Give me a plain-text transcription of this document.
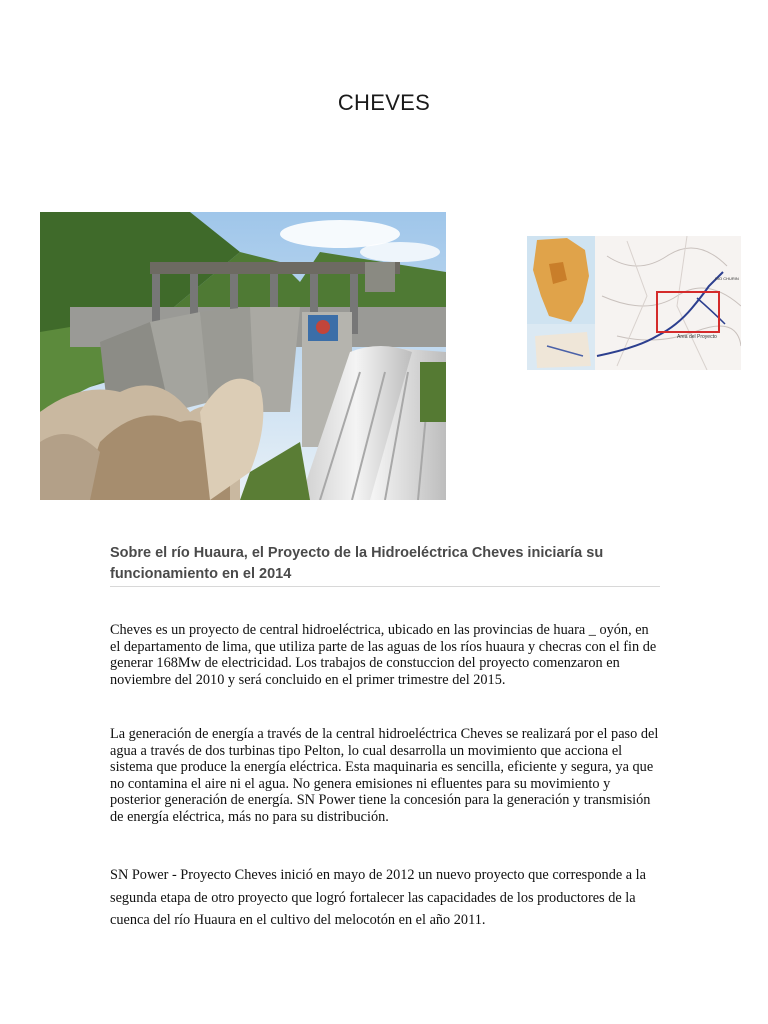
CHEVES
Area del Proyecto
RIO CHURIN
Sobre el río Huaura, el Proyecto de la Hidroeléctrica Cheves iniciaría su funcionamiento en el 2014

Cheves es un proyecto de central hidroeléctrica, ubicado en las provincias de huara _ oyón, en el departamento de lima, que utiliza parte de las aguas de los ríos huaura y checras con el fin de generar 168Mw de electricidad. Los trabajos de constuccion del proyecto comenzaron en noviembre del 2010 y será concluido en el primer trimestre del 2015.

La generación de energía a través de la central hidroeléctrica Cheves se realizará por el paso del agua a través de dos turbinas tipo Pelton, lo cual desarrolla un movimiento que acciona el sistema que produce la energía eléctrica. Esta maquinaria es sencilla, eficiente y segura, ya que no contamina el aire ni el agua. No genera emisiones ni efluentes para su movimiento y posterior generación de energía. SN Power tiene la concesión para la generación y transmisión de energía eléctrica, más no para su distribución.

SN Power - Proyecto Cheves inició en mayo de 2012 un nuevo proyecto que corresponde a la segunda etapa de otro proyecto que logró fortalecer las capacidades de los productores de la cuenca del río Huaura en el cultivo del melocotón en el año 2011.
